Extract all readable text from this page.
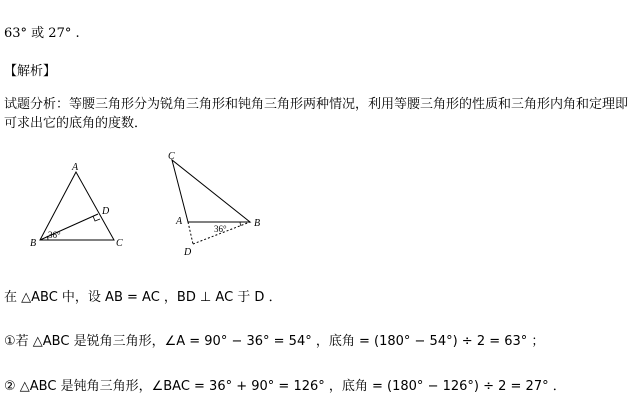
63° 或 27° .
【解析】
试题分析：等腰三角形分为锐角三角形和钝角三角形两种情况，利用等腰三角形的性质和三角形内角和定理即可求出它的底角的度数．
A
B	C
D
36°
C
A	B
D
36°
在 △ABC 中，设 AB = AC ，BD ⊥ AC 于 D ．
①若 △ABC 是锐角三角形，∠A = 90° − 36° = 54° ，底角 = (180° − 54°) ÷ 2 = 63° ；
② △ABC 是钝角三角形，∠BAC = 36° + 90° = 126° ，底角 = (180° − 126°) ÷ 2 = 27° ．
